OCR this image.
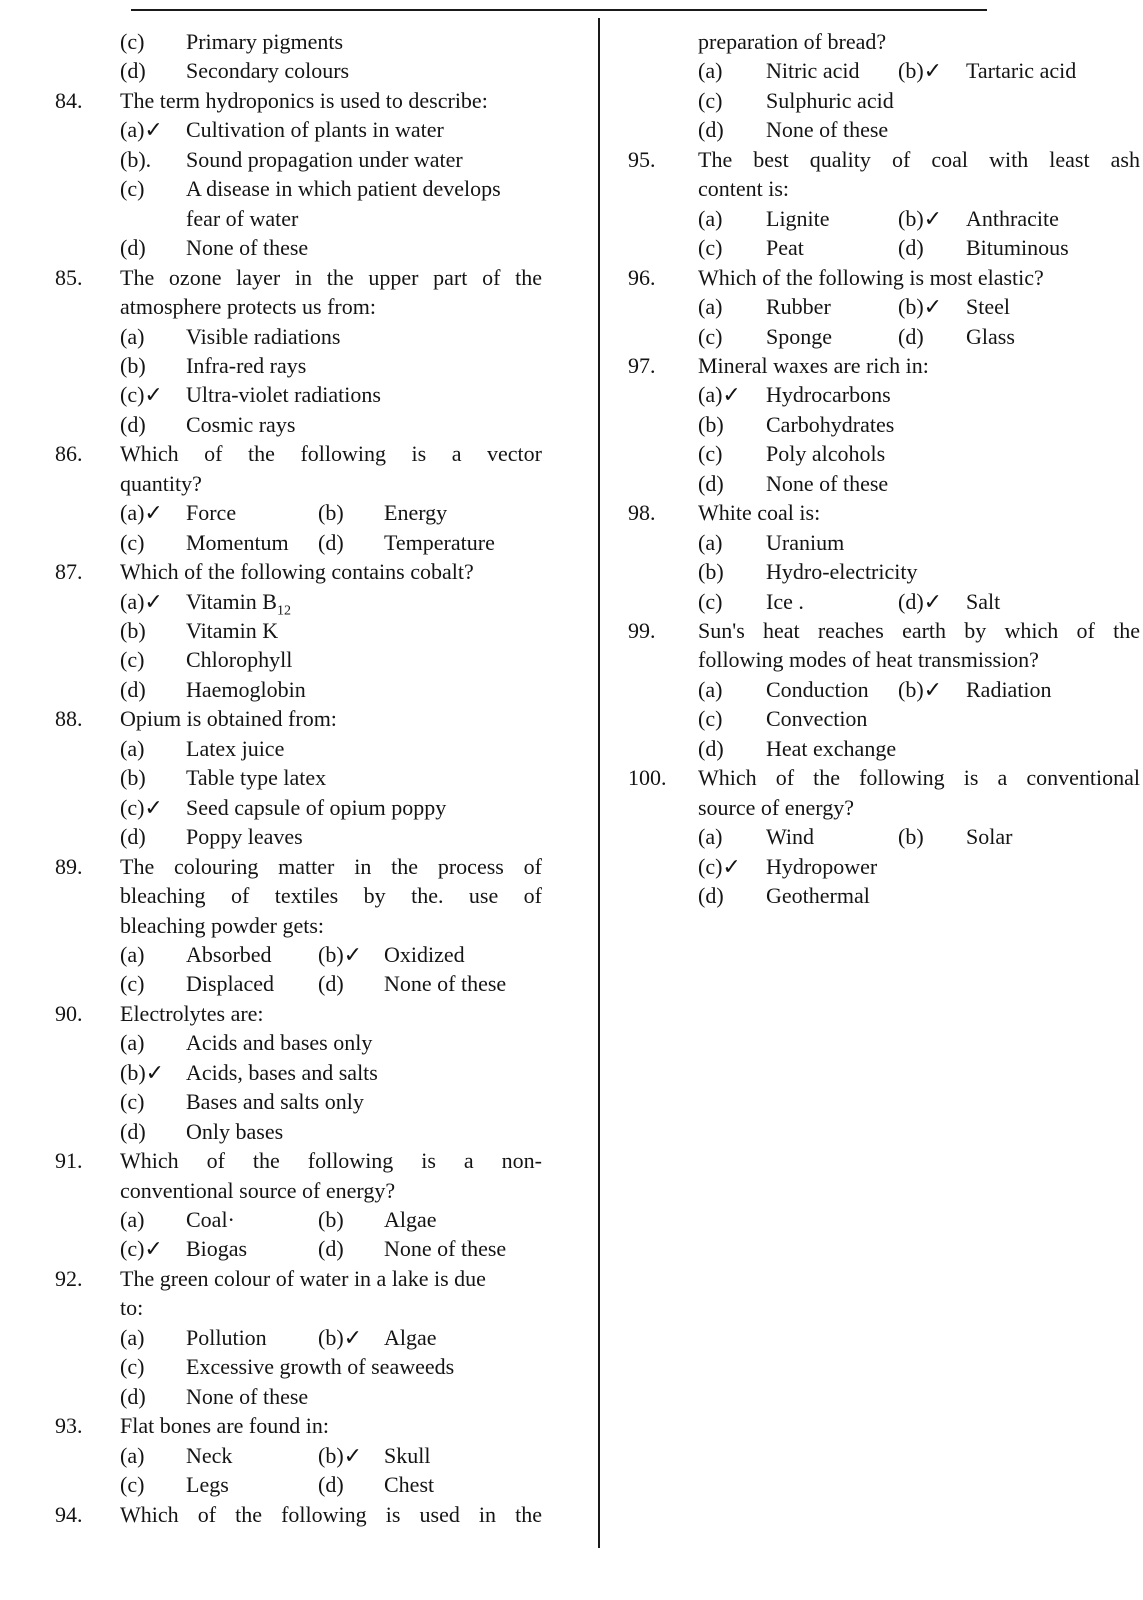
(c) Primary pigments
(d) Secondary colours
84. The term hydroponics is used to describe:
(a)✓ Cultivation of plants in water
(b). Sound propagation under water
(c) A disease in which patient develops
fear of water
(d) None of these
85. The ozone layer in the upper part of the
atmosphere protects us from:
(a) Visible radiations
(b) Infra-red rays
(c)✓ Ultra-violet radiations
(d) Cosmic rays
86. Which of the following is a vector
quantity?
(a)✓ Force	(b) Energy
(c) Momentum (d) Temperature
87. Which of the following contains cobalt?
(a)✓ Vitamin $B_{12}$
(b) Vitamin K
(c) Chlorophyll
(d) Haemoglobin
88. Opium is obtained from:
(a) Latex juice
(b) Table type latex
(c)✓ Seed capsule of opium poppy
(d) Poppy leaves
89. The colouring matter in the process of
bleaching of textiles by the. use of
bleaching powder gets:
(a) Absorbed (b)✓ Oxidized
(c) Displaced (d) None of these
90. Electrolytes are:
(a) Acids and bases only
(b)✓ Acids, bases and salts
(c) Bases and salts only
(d) Only bases
91. Which of the following is a non-
conventional source of energy?
(a) Coal·	(b) Algae
(c)✓ Biogas	(d) None of these
92. The green colour of water in a lake is due
to:
(a) Pollution (b)✓ Algae
(c) Excessive growth of seaweeds
(d) None of these
93. Flat bones are found in:
(a) Neck	(b)✓ Skull
(c) Legs	(d) Chest
94. Which of the following is used in the
preparation of bread?
(a) Nitric acid (b)✓ Tartaric acid
(c) Sulphuric acid
(d) None of these
95. The best quality of coal with least ash
content is:
(a) Lignite	(b)✓ Anthracite
(c) Peat	(d) Bituminous
96. Which of the following is most elastic?
(a) Rubber	(b)✓ Steel
(c) Sponge	(d) Glass
97. Mineral waxes are rich in:
(a)✓ Hydrocarbons
(b) Carbohydrates
(c) Poly alcohols
(d) None of these
98. White coal is:
(a) Uranium
(b) Hydro-electricity
(c) Ice .	(d)✓ Salt
99. Sun's heat reaches earth by which of the
following modes of heat transmission?
(a) Conduction (b)✓ Radiation
(c) Convection
(d) Heat exchange
100. Which of the following is a conventional
source of energy?
(a) Wind	(b) Solar
(c)✓ Hydropower
(d) Geothermal
